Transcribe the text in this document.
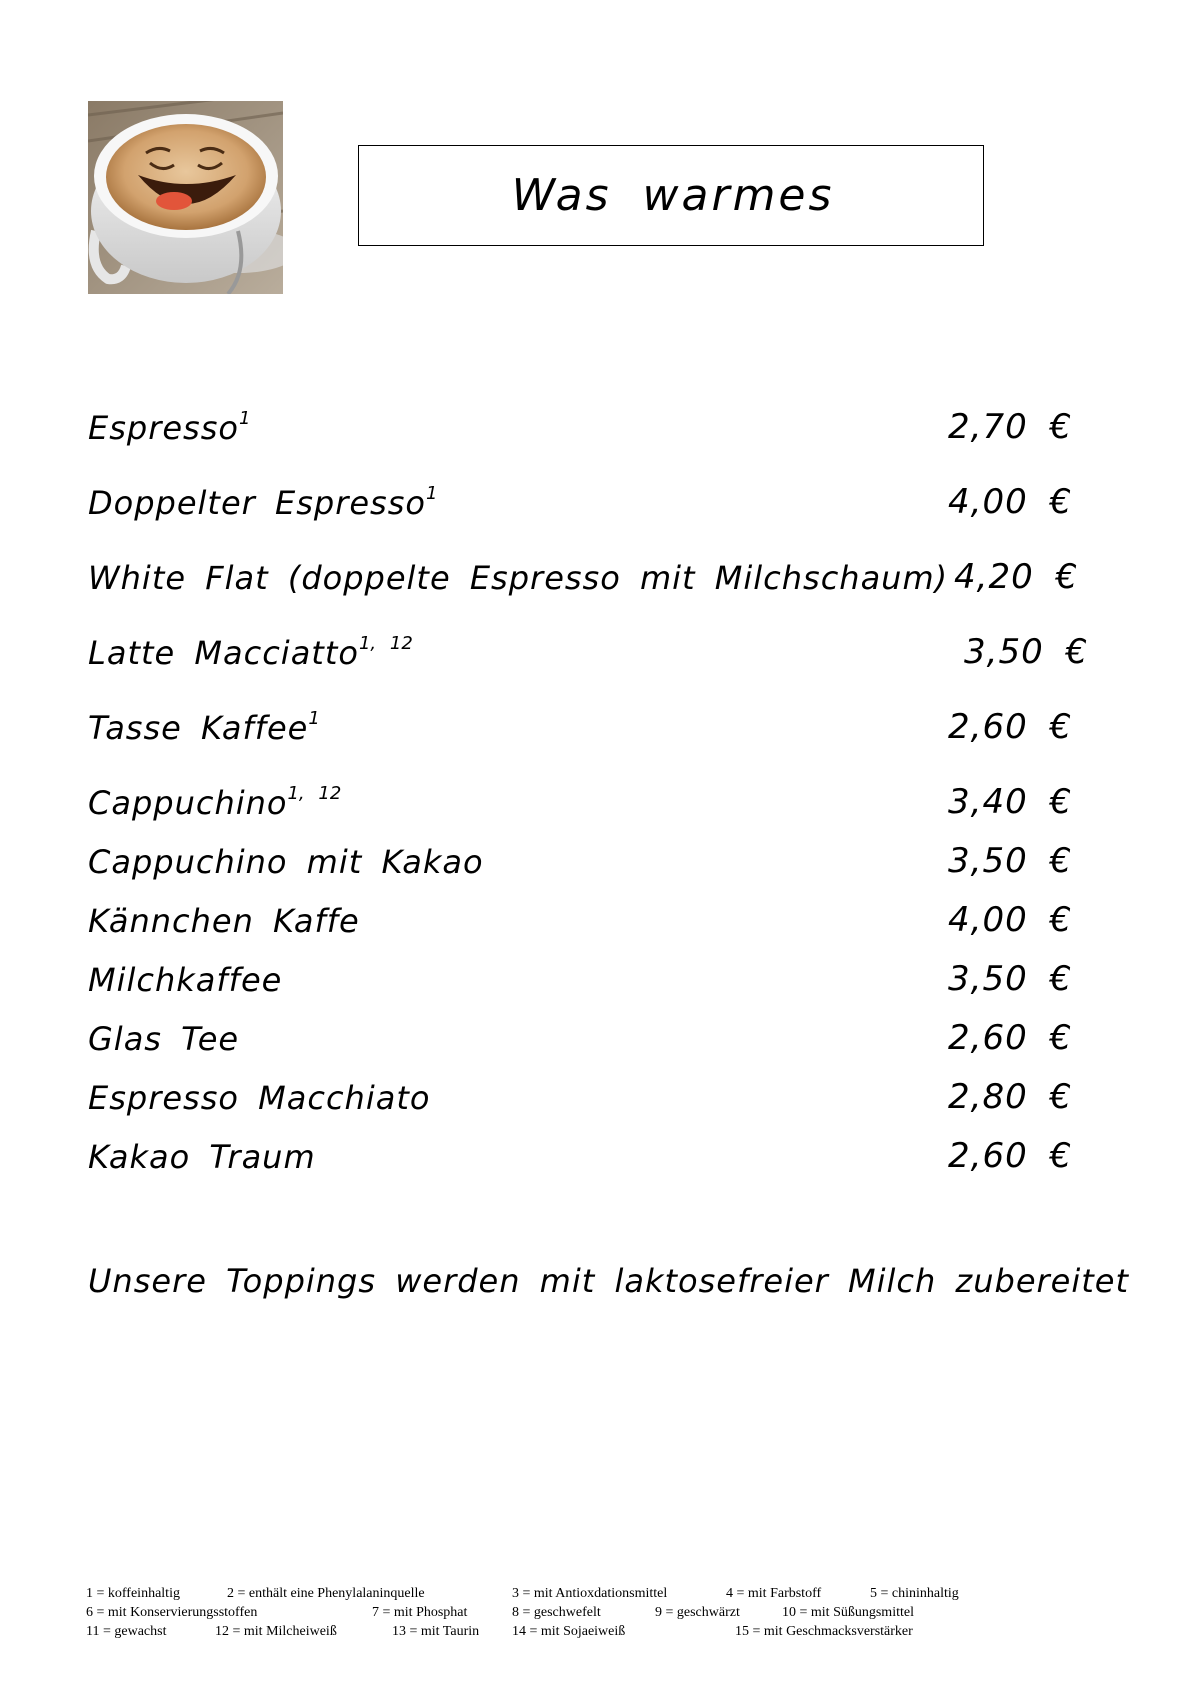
Was warmes
Espresso$^1$	2,70 €
Doppelter Espresso$^1$	4,00 €
White Flat (doppelte Espresso mit Milchschaum) 4,20 €
Latte Macciatto$^{1, 12}$	3,50 €
Tasse Kaffee$^1$	2,60 €
Cappuchino$^{1, 12}$	3,40 €
Cappuchino mit Kakao	3,50 €
Kännchen Kaffe	4,00 €
Milchkaffee	3,50 €
Glas Tee	2,60 €
Espresso Macchiato	2,80 €
Kakao Traum	2,60 €
Unsere Toppings werden mit laktosefreier Milch zubereitet
1 = koffeinhaltig	2 = enthält eine Phenylalaninquelle	3 = mit Antioxdationsmittel	4 = mit Farbstoff	5 = chininhaltig
6 = mit Konservierungsstoffen	7 = mit Phosphat	8 = geschwefelt	9 = geschwärzt	10 = mit Süßungsmittel
11 = gewachst	12 = mit Milcheiweiß	13 = mit Taurin 14 = mit Sojaeiweiß	15 = mit Geschmacksverstärker
